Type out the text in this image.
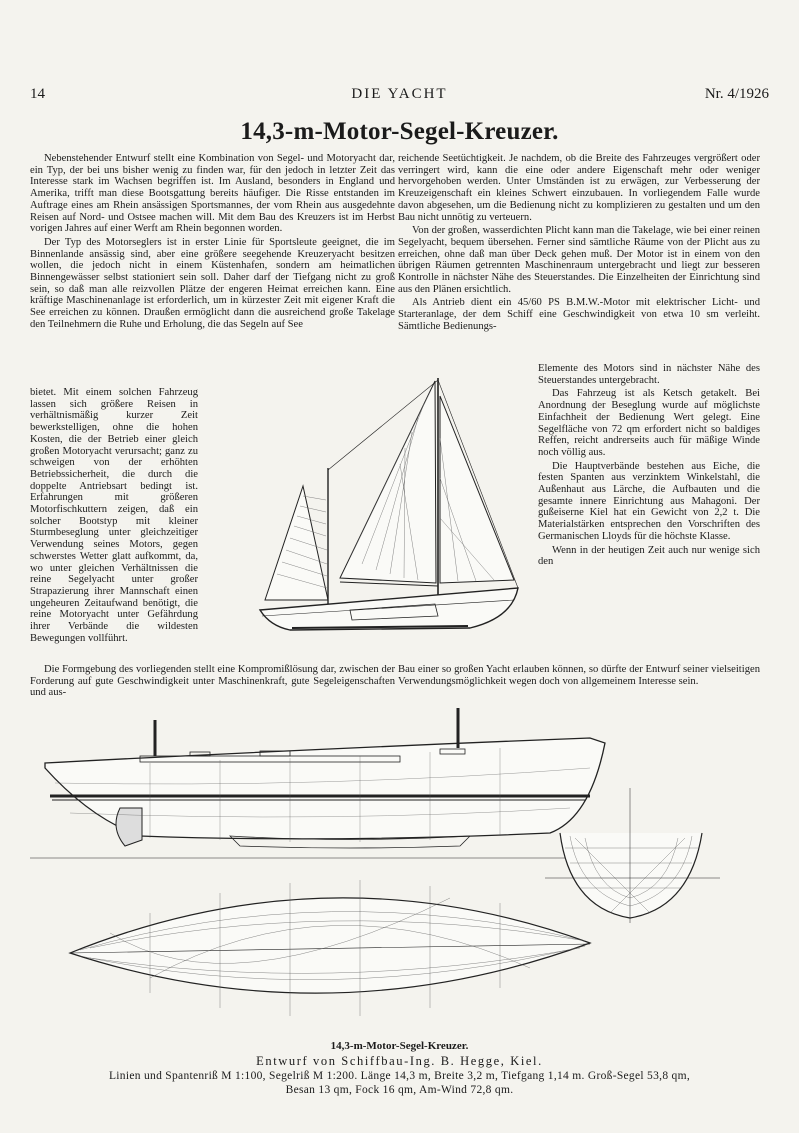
14	DIE YACHT	Nr. 4/1926
14,3-m-Motor-Segel-Kreuzer.

Nebenstehender Entwurf stellt eine Kombination von Segel- und Motoryacht dar, ein Typ, der bei uns bisher wenig zu finden war, für den jedoch in letzter Zeit das Interesse stark im Wachsen begriffen ist. Im Ausland, besonders in England und Amerika, trifft man diese Bootsgattung bereits häufiger. Die Risse entstanden im Auftrage eines am Rhein ansässigen Sportsmannes, der vom Rhein aus ausgedehnte Reisen auf Nord- und Ostsee machen will. Mit dem Bau des Kreuzers ist im Herbst vorigen Jahres auf einer Werft am Rhein begonnen worden.

Der Typ des Motorseglers ist in erster Linie für Sportsleute geeignet, die im Binnenlande ansässig sind, aber eine größere seegehende Kreuzeryacht besitzen wollen, die jedoch nicht in einem Küstenhafen, sondern am heimatlichen Binnengewässer selbst stationiert sein soll. Daher darf der Tiefgang nicht zu groß sein, so daß man alle reizvollen Plätze der engeren Heimat erreichen kann. Eine kräftige Maschinenanlage ist erforderlich, um in kürzester Zeit mit eigener Kraft die See erreichen zu können. Draußen ermöglicht dann die ausreichend große Takelage den Teilnehmern die Ruhe und Erholung, die das Segeln auf See

bietet. Mit einem solchen Fahrzeug lassen sich größere Reisen in verhältnismäßig kurzer Zeit bewerkstelligen, ohne die hohen Kosten, die der Betrieb einer gleich großen Motoryacht verursacht; ganz zu schweigen von der erhöhten Betriebssicherheit, die durch die doppelte Antriebsart bedingt ist. Erfahrungen mit größeren Motorfischkuttern zeigen, daß ein solcher Bootstyp mit kleiner Sturmbeseglung unter gleichzeitiger Verwendung seines Motors, gegen schwerstes Wetter glatt aufkommt, da, wo unter gleichen Verhältnissen die reine Segelyacht unter großer Strapazierung ihrer Mannschaft einen ungeheuren Zeitaufwand benötigt, die reine Motoryacht unter Gefährdung ihrer Verbände die wildesten Bewegungen vollführt.

Die Formgebung des vorliegenden stellt eine Kompromißlösung dar, zwischen der Forderung auf gute Geschwindigkeit unter Maschinenkraft, gute Segeleigenschaften und aus-

reichende Seetüchtigkeit. Je nachdem, ob die Breite des Fahrzeuges vergrößert oder verringert wird, kann die eine oder andere Eigenschaft mehr oder weniger hervorgehoben werden. Unter Umständen ist zu erwägen, zur Verbesserung der Kreuzeigenschaft ein kleines Schwert einzubauen. In vorliegendem Falle wurde davon abgesehen, um die Bedienung nicht zu komplizieren zu gestalten und um den Bau nicht unnötig zu verteuern.

Von der großen, wasserdichten Plicht kann man die Takelage, wie bei einer reinen Segelyacht, bequem übersehen. Ferner sind sämtliche Räume von der Plicht aus zu erreichen, ohne daß man über Deck gehen muß. Der Motor ist in einem von den übrigen Räumen getrennten Maschinenraum untergebracht und liegt zur besseren Kontrolle in nächster Nähe des Steuerstandes. Die Einzelheiten der Einrichtung sind aus den Plänen ersichtlich.

Als Antrieb dient ein 45/60 PS B.M.W.-Motor mit elektrischer Licht- und Starteranlage, der dem Schiff eine Geschwindigkeit von etwa 10 sm verleiht. Sämtliche Bedienungs-

Elemente des Motors sind in nächster Nähe des Steuerstandes untergebracht.

Das Fahrzeug ist als Ketsch getakelt. Bei Anordnung der Beseglung wurde auf möglichste Einfachheit der Bedienung Wert gelegt. Eine Segelfläche von 72 qm erfordert nicht so baldiges Reffen, reicht andrerseits auch für mäßige Winde noch völlig aus.

Die Hauptverbände bestehen aus Eiche, die festen Spanten aus verzinktem Winkelstahl, die Außenhaut aus Lärche, die Aufbauten und die gesamte innere Einrichtung aus Mahagoni. Der gußeiserne Kiel hat ein Gewicht von 2,2 t. Die Materialstärken entsprechen den Vorschriften des Germanischen Lloyds für die höchste Klasse.

Wenn in der heutigen Zeit auch nur wenige sich den

Bau einer so großen Yacht erlauben können, so dürfte der Entwurf seiner vielseitigen Verwendungsmöglichkeit wegen doch von allgemeinem Interesse sein.

14,3-m-Motor-Segel-Kreuzer.
Entwurf von Schiffbau-Ing. B. Hegge, Kiel.
Linien und Spantenriß M 1:100, Segelriß M 1:200. Länge 14,3 m, Breite 3,2 m, Tiefgang 1,14 m. Groß-Segel 53,8 qm,
Besan 13 qm, Fock 16 qm, Am-Wind 72,8 qm.
